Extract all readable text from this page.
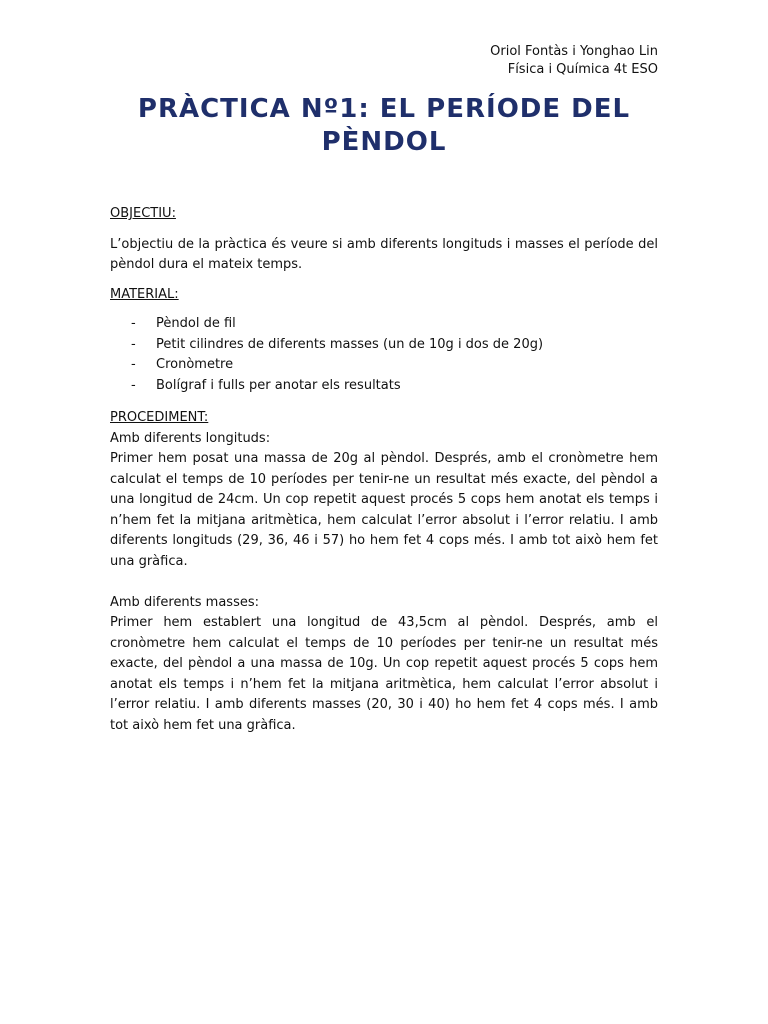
Oriol Fontàs i Yonghao Lin
Física i Química 4t ESO
PRÀCTICA Nº1: EL PERÍODE DEL PÈNDOL

OBJECTIU:

L’objectiu de la pràctica és veure si amb diferents longituds i masses el període del pèndol dura el mateix temps.

MATERIAL:

- Pèndol de fil
- Petit cilindres de diferents masses (un de 10g i dos de 20g)
- Cronòmetre
- Bolígraf i fulls per anotar els resultats

PROCEDIMENT:

Amb diferents longituds:

Primer hem posat una massa de 20g al pèndol. Després, amb el cronòmetre hem calculat el temps de 10 períodes per tenir-ne un resultat més exacte, del pèndol a una longitud de 24cm. Un cop repetit aquest procés 5 cops hem anotat els temps i n’hem fet la mitjana aritmètica, hem calculat l’error absolut i l’error relatiu. I amb diferents longituds (29, 36, 46 i 57) ho hem fet 4 cops més. I amb tot això hem fet una gràfica.

Amb diferents masses:

Primer hem establert una longitud de 43,5cm al pèndol. Després, amb el cronòmetre hem calculat el temps de 10 períodes per tenir-ne un resultat més exacte, del pèndol a una massa de 10g. Un cop repetit aquest procés 5 cops hem anotat els temps i n’hem fet la mitjana aritmètica, hem calculat l’error absolut i l’error relatiu. I amb diferents masses (20, 30 i 40) ho hem fet 4 cops més. I amb tot això hem fet una gràfica.
